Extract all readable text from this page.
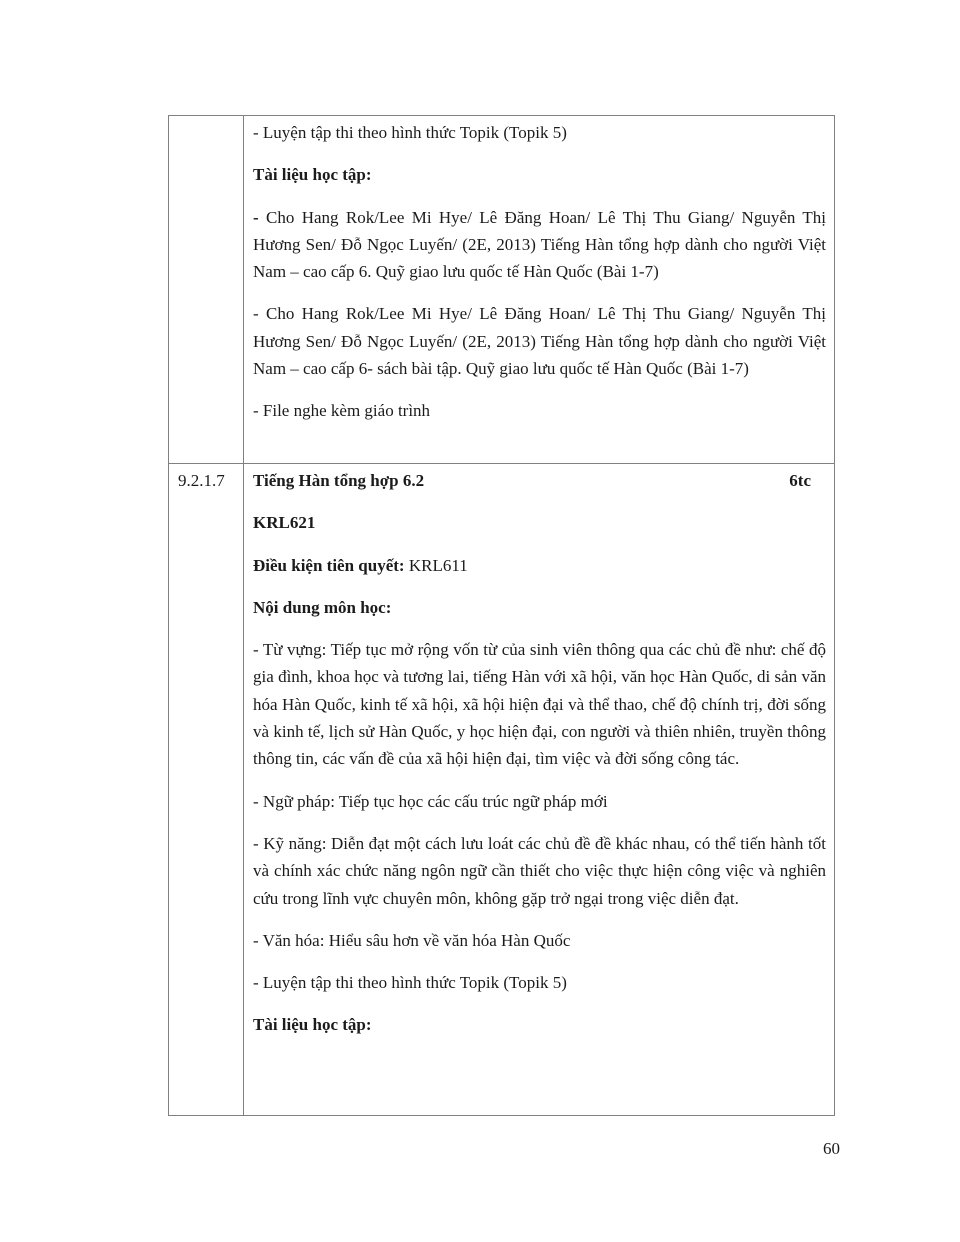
	- Luyện tập thi theo hình thức Topik (Topik 5)

Tài liệu học tập:

- Cho Hang Rok/Lee Mi Hye/ Lê Đăng Hoan/ Lê Thị Thu Giang/ Nguyễn Thị Hương Sen/ Đỗ Ngọc Luyến/ (2E, 2013) Tiếng Hàn tổng hợp dành cho người Việt Nam – cao cấp 6. Quỹ giao lưu quốc tế Hàn Quốc (Bài 1-7)

- Cho Hang Rok/Lee Mi Hye/ Lê Đăng Hoan/ Lê Thị Thu Giang/ Nguyễn Thị Hương Sen/ Đỗ Ngọc Luyến/ (2E, 2013) Tiếng Hàn tổng hợp dành cho người Việt Nam – cao cấp 6- sách bài tập. Quỹ giao lưu quốc tế Hàn Quốc (Bài 1-7)

- File nghe kèm giáo trình

9.2.1.7	Tiếng Hàn tổng hợp 6.2	6tc

KRL621

Điều kiện tiên quyết: KRL611

Nội dung môn học:

- Từ vựng: Tiếp tục mở rộng vốn từ của sinh viên thông qua các chủ đề như: chế độ gia đình, khoa học và tương lai, tiếng Hàn với xã hội, văn học Hàn Quốc, di sản văn hóa Hàn Quốc, kinh tế xã hội, xã hội hiện đại và thể thao, chế độ chính trị, đời sống và kinh tế, lịch sử Hàn Quốc, y học hiện đại, con người và thiên nhiên, truyền thông thông tin, các vấn đề của xã hội hiện đại, tìm việc và đời sống công tác.

- Ngữ pháp: Tiếp tục học các cấu trúc ngữ pháp mới

- Kỹ năng: Diễn đạt một cách lưu loát các chủ đề đề khác nhau, có thể tiến hành tốt và chính xác chức năng ngôn ngữ cần thiết cho việc thực hiện công việc và nghiên cứu trong lĩnh vực chuyên môn, không gặp trở ngại trong việc diễn đạt.

- Văn hóa: Hiểu sâu hơn về văn hóa Hàn Quốc

- Luyện tập thi theo hình thức Topik (Topik 5)

Tài liệu học tập:

60
